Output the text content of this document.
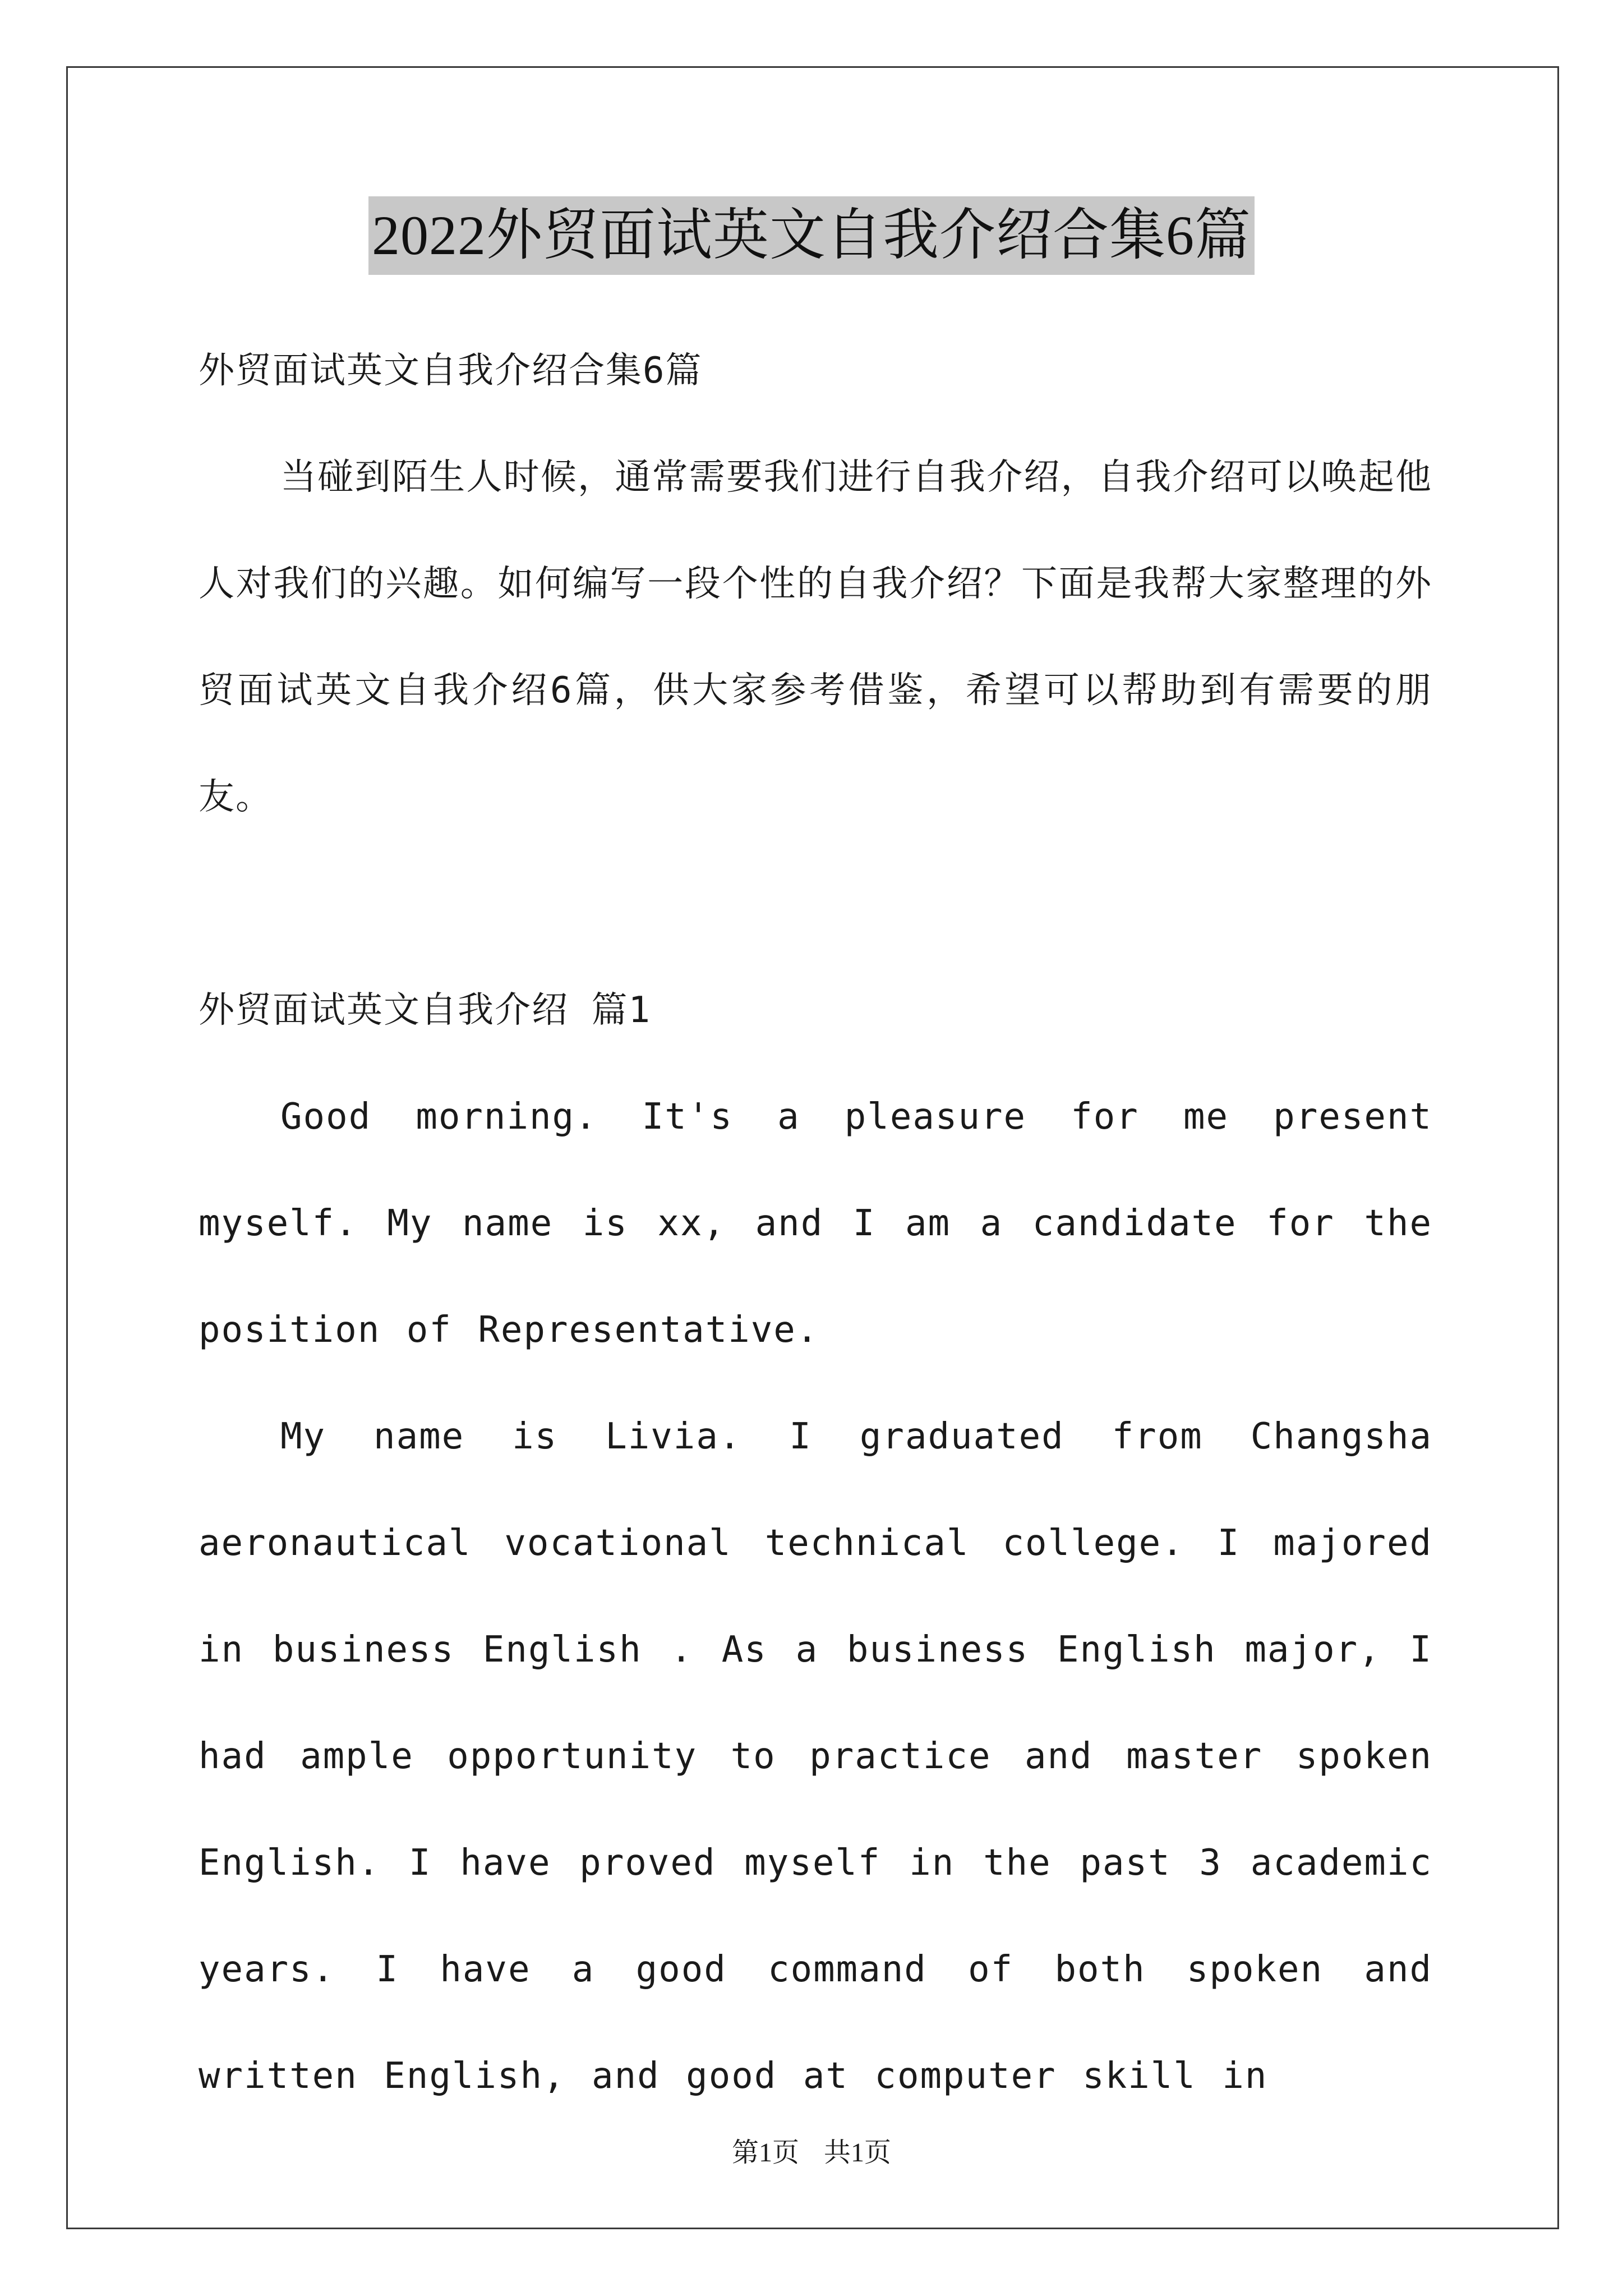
2022外贸面试英文自我介绍合集6篇

外贸面试英文自我介绍合集6篇

当碰到陌生人时候，通常需要我们进行自我介绍，自我介绍可以唤起他人对我们的兴趣。如何编写一段个性的自我介绍？下面是我帮大家整理的外贸面试英文自我介绍6篇，供大家参考借鉴，希望可以帮助到有需要的朋友。

外贸面试英文自我介绍 篇1

Good morning. It's a pleasure for me present myself. My name is xx, and I am a candidate for the position of Representative.

My name is Livia. I graduated from Changsha aeronautical vocational technical college. I majored in business English . As a business English major, I had ample opportunity to practice and master spoken English. I have proved myself in the past 3 academic years. I have a good command of both spoken and written English, and good at computer skill in

第1页 共1页
